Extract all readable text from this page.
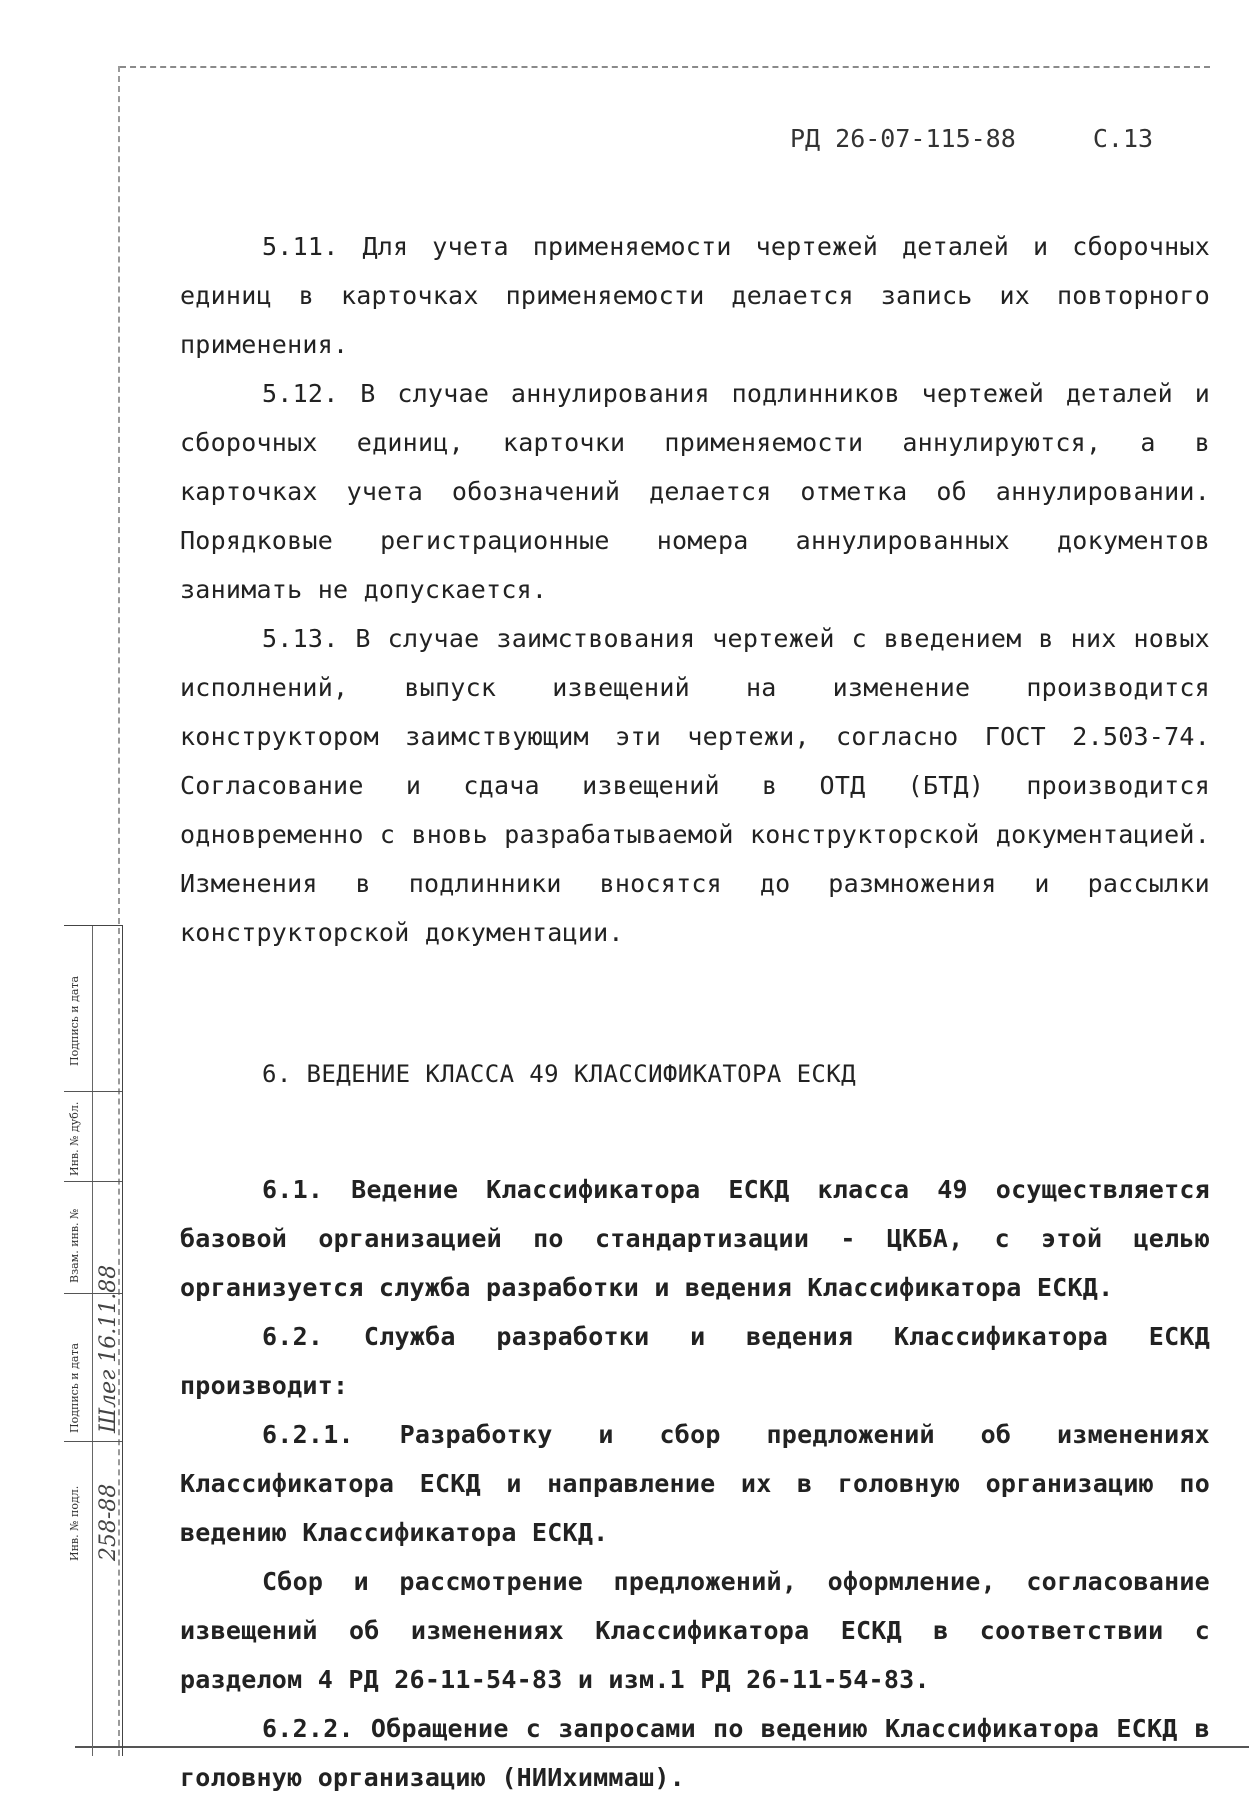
РД 26-07-115-88	С.13

5.11. Для учета применяемости чертежей деталей и сборочных единиц в карточках применяемости делается запись их повторного применения.

5.12. В случае аннулирования подлинников чертежей деталей и сборочных единиц, карточки применяемости аннулируются, а в карточках учета обозначений делается отметка об аннулировании. Порядковые регистрационные номера аннулированных документов занимать не допускается.

5.13. В случае заимствования чертежей с введением в них новых исполнений, выпуск извещений на изменение производится конструктором заимствующим эти чертежи, согласно ГОСТ 2.503-74. Согласование и сдача извещений в ОТД (БТД) производится одновременно с вновь разрабатываемой конструкторской документацией. Изменения в подлинники вносятся до размножения и рассылки конструкторской документации.

6. ВЕДЕНИЕ КЛАССА 49 КЛАССИФИКАТОРА ЕСКД

6.1. Ведение Классификатора ЕСКД класса 49 осуществляется базовой организацией по стандартизации - ЦКБА, с этой целью организуется служба разработки и ведения Классификатора ЕСКД.

6.2. Служба разработки и ведения Классификатора ЕСКД производит:

6.2.1. Разработку и сбор предложений об изменениях Классификатора ЕСКД и направление их в головную организацию по ведению Классификатора ЕСКД.

Сбор и рассмотрение предложений, оформление, согласование извещений об изменениях Классификатора ЕСКД в соответствии с разделом 4 РД 26-11-54-83 и изм.1 РД 26-11-54-83.

6.2.2. Обращение с запросами по ведению Классификатора ЕСКД в головную организацию (НИИхиммаш).

Подпись и дата
Инв. № дубл.
Взам. инв. №
Подпись и дата Шлег 16.11.88
Инв. № подл. 258-88
